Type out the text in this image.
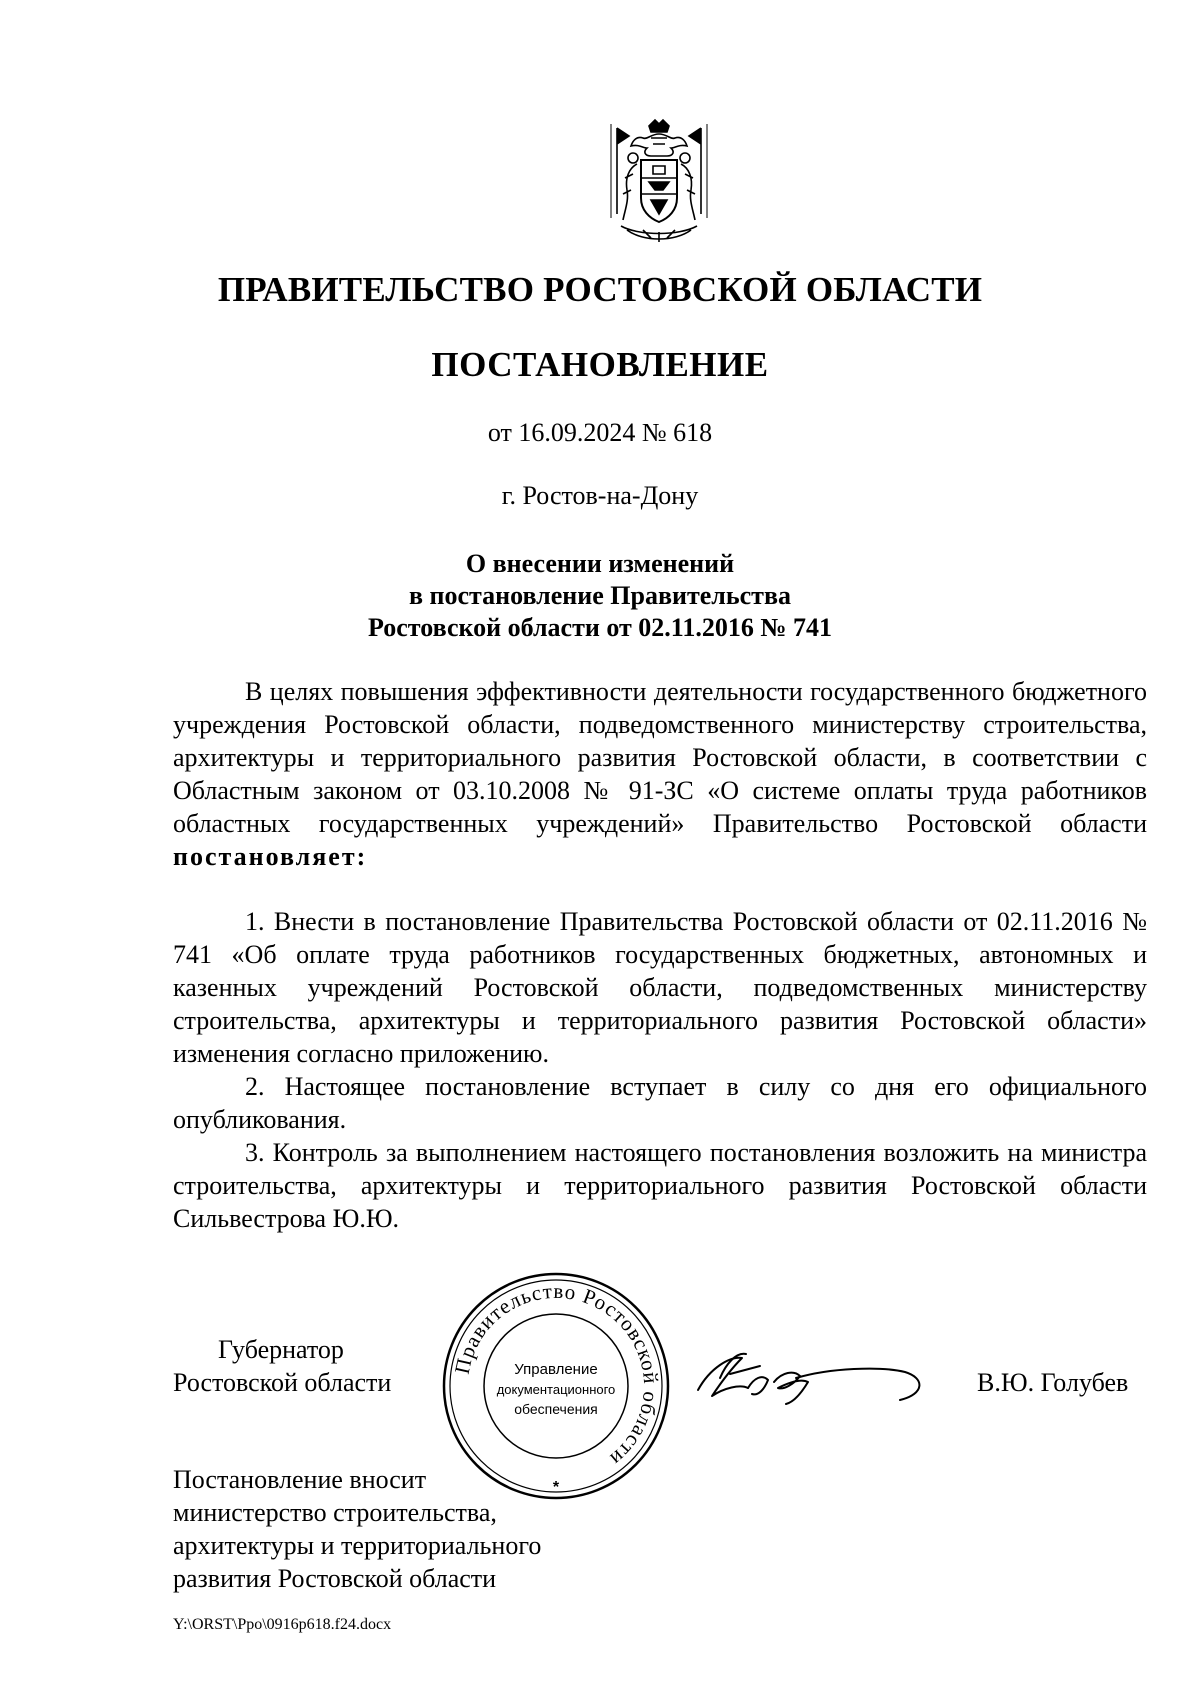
ПРАВИТЕЛЬСТВО РОСТОВСКОЙ ОБЛАСТИ
ПОСТАНОВЛЕНИЕ
от 16.09.2024 № 618
г. Ростов-на-Дону
О внесении изменений
в постановление Правительства
Ростовской области от 02.11.2016 № 741

В целях повышения эффективности деятельности государственного бюджетного учреждения Ростовской области, подведомственного министерству строительства, архитектуры и территориального развития Ростовской области, в соответствии с Областным законом от 03.10.2008 № 91-ЗС «О системе оплаты труда работников областных государственных учреждений» Правительство Ростовской области постановляет:

1. Внести в постановление Правительства Ростовской области от 02.11.2016 № 741 «Об оплате труда работников государственных бюджетных, автономных и казенных учреждений Ростовской области, подведомственных министерству строительства, архитектуры и территориального развития Ростовской области» изменения согласно приложению.

2. Настоящее постановление вступает в силу со дня его официального опубликования.

3. Контроль за выполнением настоящего постановления возложить на министра строительства, архитектуры и территориального развития Ростовской области Сильвестрова Ю.Ю.

Губернатор
Ростовской области
Правительство Ростовской области
Управление
документационного
обеспечения
*
В.Ю. Голубев
Постановление вносит
министерство строительства,
архитектуры и территориального
развития Ростовской области
Y:\ORST\Ppo\0916p618.f24.docx
